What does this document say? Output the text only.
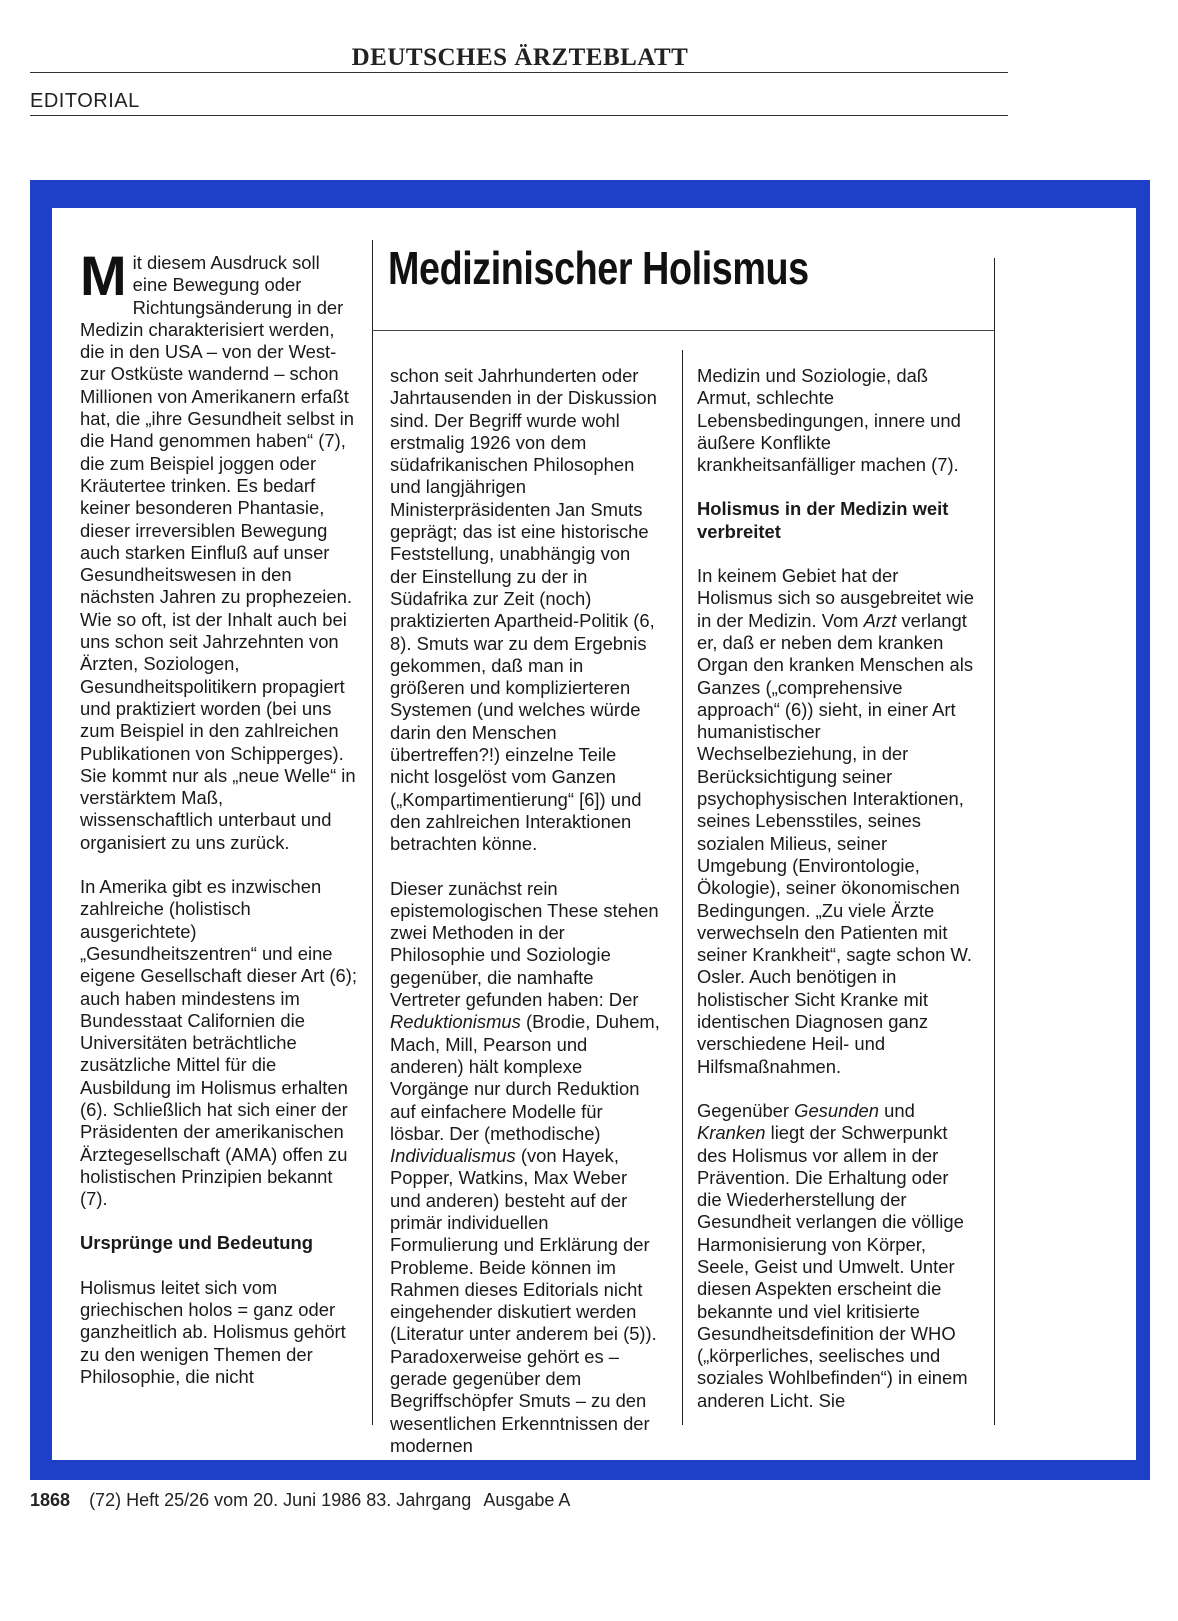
DEUTSCHES ÄRZTEBLATT
EDITORIAL
Medizinischer Holismus

Mit diesem Ausdruck soll eine Bewegung oder Richtungsänderung in der Medizin charakterisiert werden, die in den USA – von der West- zur Ostküste wandernd – schon Millionen von Amerikanern erfaßt hat, die „ihre Gesundheit selbst in die Hand genommen haben“ (7), die zum Beispiel joggen oder Kräutertee trinken. Es bedarf keiner besonderen Phantasie, dieser irreversiblen Bewegung auch starken Einfluß auf unser Gesundheitswesen in den nächsten Jahren zu prophezeien. Wie so oft, ist der Inhalt auch bei uns schon seit Jahrzehnten von Ärzten, Soziologen, Gesundheitspolitikern propagiert und praktiziert worden (bei uns zum Beispiel in den zahlreichen Publikationen von Schipperges). Sie kommt nur als „neue Welle“ in verstärktem Maß, wissenschaftlich unterbaut und organisiert zu uns zurück.

In Amerika gibt es inzwischen zahlreiche (holistisch ausgerichtete) „Gesundheitszentren“ und eine eigene Gesellschaft dieser Art (6); auch haben mindestens im Bundesstaat Californien die Universitäten beträchtliche zusätzliche Mittel für die Ausbildung im Holismus erhalten (6). Schließlich hat sich einer der Präsidenten der amerikanischen Ärztegesellschaft (AMA) offen zu holistischen Prinzipien bekannt (7).

Ursprünge und Bedeutung

Holismus leitet sich vom griechischen holos = ganz oder ganzheitlich ab. Holismus gehört zu den wenigen Themen der Philosophie, die nicht

schon seit Jahrhunderten oder Jahrtausenden in der Diskussion sind. Der Begriff wurde wohl erstmalig 1926 von dem südafrikanischen Philosophen und langjährigen Ministerpräsidenten Jan Smuts geprägt; das ist eine historische Feststellung, unabhängig von der Einstellung zu der in Südafrika zur Zeit (noch) praktizierten Apartheid-Politik (6, 8). Smuts war zu dem Ergebnis gekommen, daß man in größeren und komplizierteren Systemen (und welches würde darin den Menschen übertreffen?!) einzelne Teile nicht losgelöst vom Ganzen („Kompartimentierung“ [6]) und den zahlreichen Interaktionen betrachten könne.

Dieser zunächst rein epistemologischen These stehen zwei Methoden in der Philosophie und Soziologie gegenüber, die namhafte Vertreter gefunden haben: Der Reduktionismus (Brodie, Duhem, Mach, Mill, Pearson und anderen) hält komplexe Vorgänge nur durch Reduktion auf einfachere Modelle für lösbar. Der (methodische) Individualismus (von Hayek, Popper, Watkins, Max Weber und anderen) besteht auf der primär individuellen Formulierung und Erklärung der Probleme. Beide können im Rahmen dieses Editorials nicht eingehender diskutiert werden (Literatur unter anderem bei (5)). Paradoxerweise gehört es – gerade gegenüber dem Begriffschöpfer Smuts – zu den wesentlichen Erkenntnissen der modernen

Medizin und Soziologie, daß Armut, schlechte Lebensbedingungen, innere und äußere Konflikte krankheitsanfälliger machen (7).

Holismus in der Medizin weit verbreitet

In keinem Gebiet hat der Holismus sich so ausgebreitet wie in der Medizin. Vom Arzt verlangt er, daß er neben dem kranken Organ den kranken Menschen als Ganzes („comprehensive approach“ (6)) sieht, in einer Art humanistischer Wechselbeziehung, in der Berücksichtigung seiner psychophysischen Interaktionen, seines Lebensstiles, seines sozialen Milieus, seiner Umgebung (Environtologie, Ökologie), seiner ökonomischen Bedingungen. „Zu viele Ärzte verwechseln den Patienten mit seiner Krankheit“, sagte schon W. Osler. Auch benötigen in holistischer Sicht Kranke mit identischen Diagnosen ganz verschiedene Heil- und Hilfsmaßnahmen.

Gegenüber Gesunden und Kranken liegt der Schwerpunkt des Holismus vor allem in der Prävention. Die Erhaltung oder die Wiederherstellung der Gesundheit verlangen die völlige Harmonisierung von Körper, Seele, Geist und Umwelt. Unter diesen Aspekten erscheint die bekannte und viel kritisierte Gesundheitsdefinition der WHO („körperliches, seelisches und soziales Wohlbefinden“) in einem anderen Licht. Sie

1868 (72) Heft 25/26 vom 20. Juni 1986 83. Jahrgang Ausgabe A
